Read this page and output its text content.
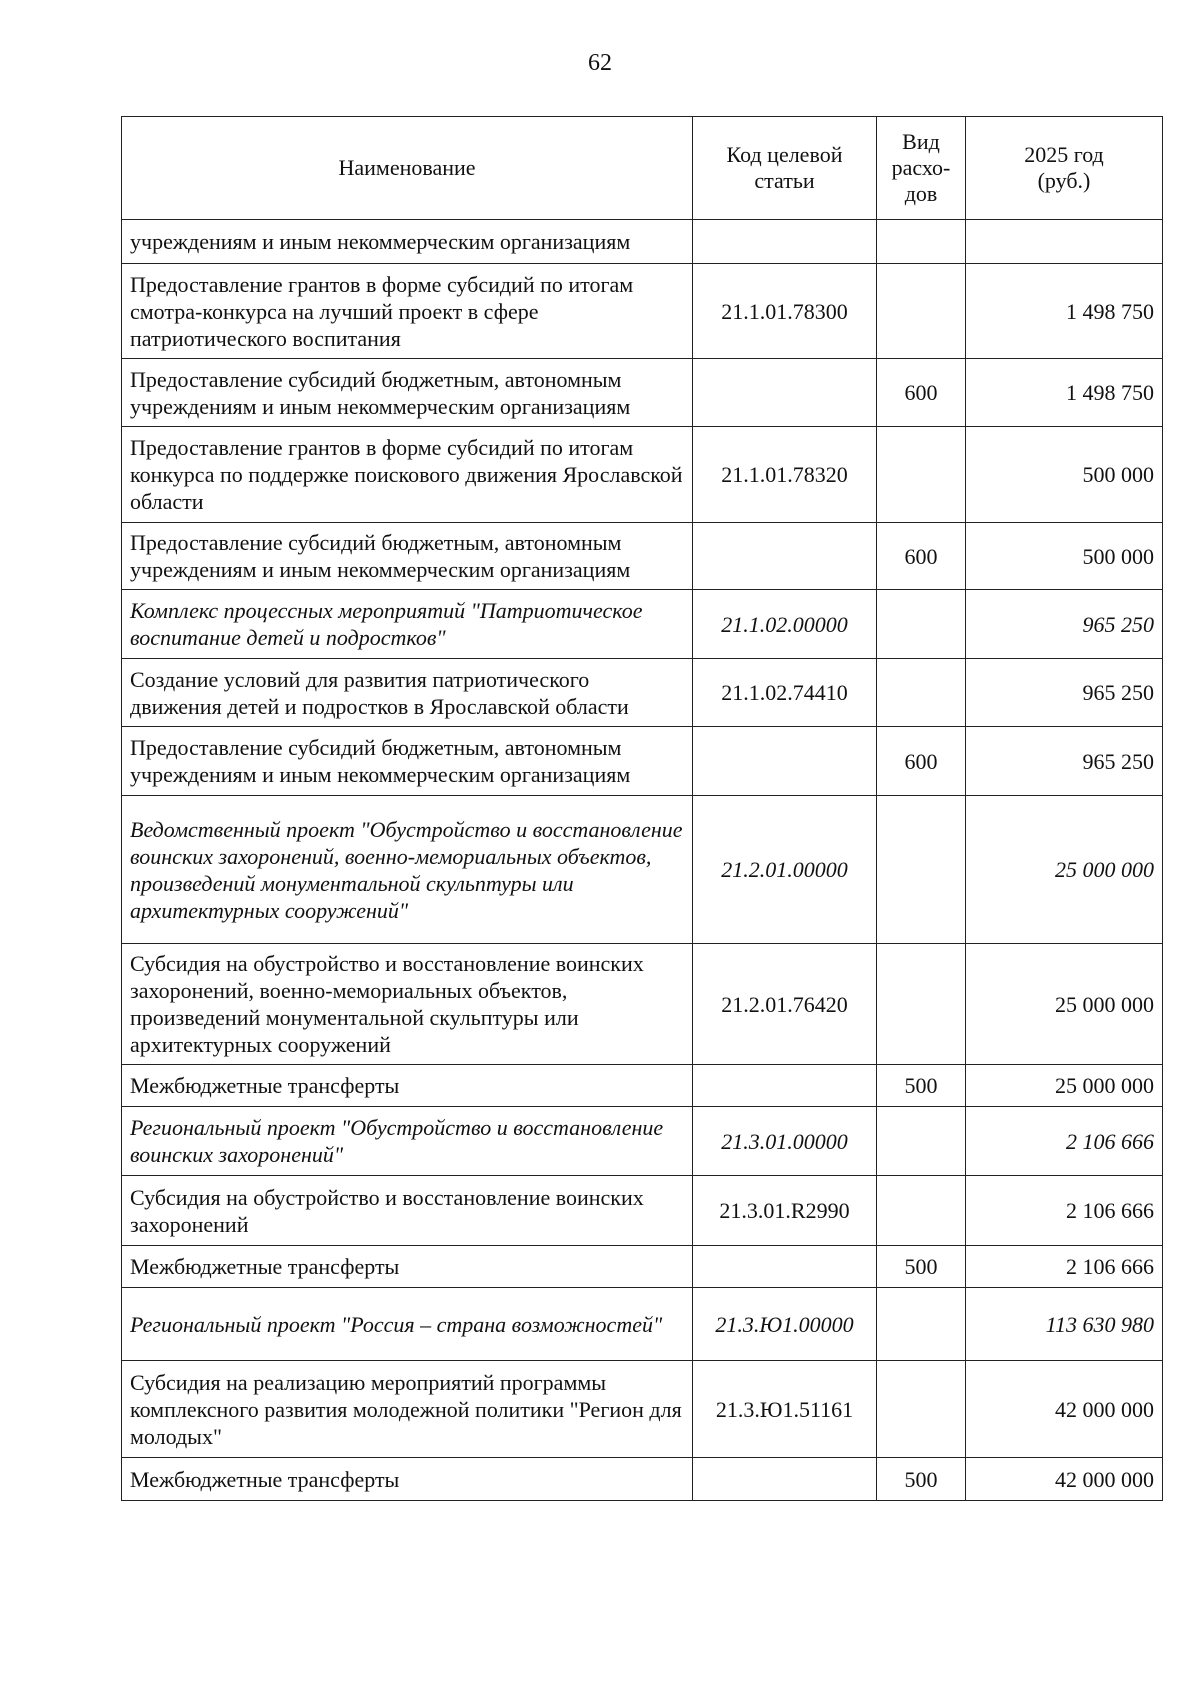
62
Наименование	Код целевой статьи	Вид расхо-дов	2025 год (руб.)
учреждениям и иным некоммерческим организациям			
Предоставление грантов в форме субсидий по итогам смотра-конкурса на лучший проект в сфере патриотического воспитания	21.1.01.78300		1 498 750
Предоставление субсидий бюджетным, автономным учреждениям и иным некоммерческим организациям		600	1 498 750
Предоставление грантов в форме субсидий по итогам конкурса по поддержке поискового движения Ярославской области	21.1.01.78320		500 000
Предоставление субсидий бюджетным, автономным учреждениям и иным некоммерческим организациям		600	500 000
Комплекс процессных мероприятий "Патриотическое воспитание детей и подростков"	21.1.02.00000		965 250
Создание условий для развития патриотического движения детей и подростков в Ярославской области	21.1.02.74410		965 250
Предоставление субсидий бюджетным, автономным учреждениям и иным некоммерческим организациям		600	965 250
Ведомственный проект "Обустройство и восстановление воинских захоронений, военно-мемориальных объектов, произведений монументальной скульптуры или архитектурных сооружений"	21.2.01.00000		25 000 000
Субсидия на обустройство и восстановление воинских захоронений, военно-мемориальных объектов, произведений монументальной скульптуры или архитектурных сооружений	21.2.01.76420		25 000 000
Межбюджетные трансферты		500	25 000 000
Региональный проект "Обустройство и восстановление воинских захоронений"	21.3.01.00000		2 106 666
Субсидия на обустройство и восстановление воинских захоронений	21.3.01.R2990		2 106 666
Межбюджетные трансферты		500	2 106 666
Региональный проект "Россия – страна возможностей"	21.3.Ю1.00000		113 630 980
Субсидия на реализацию мероприятий программы комплексного развития молодежной политики "Регион для молодых"	21.3.Ю1.51161		42 000 000
Межбюджетные трансферты		500	42 000 000
